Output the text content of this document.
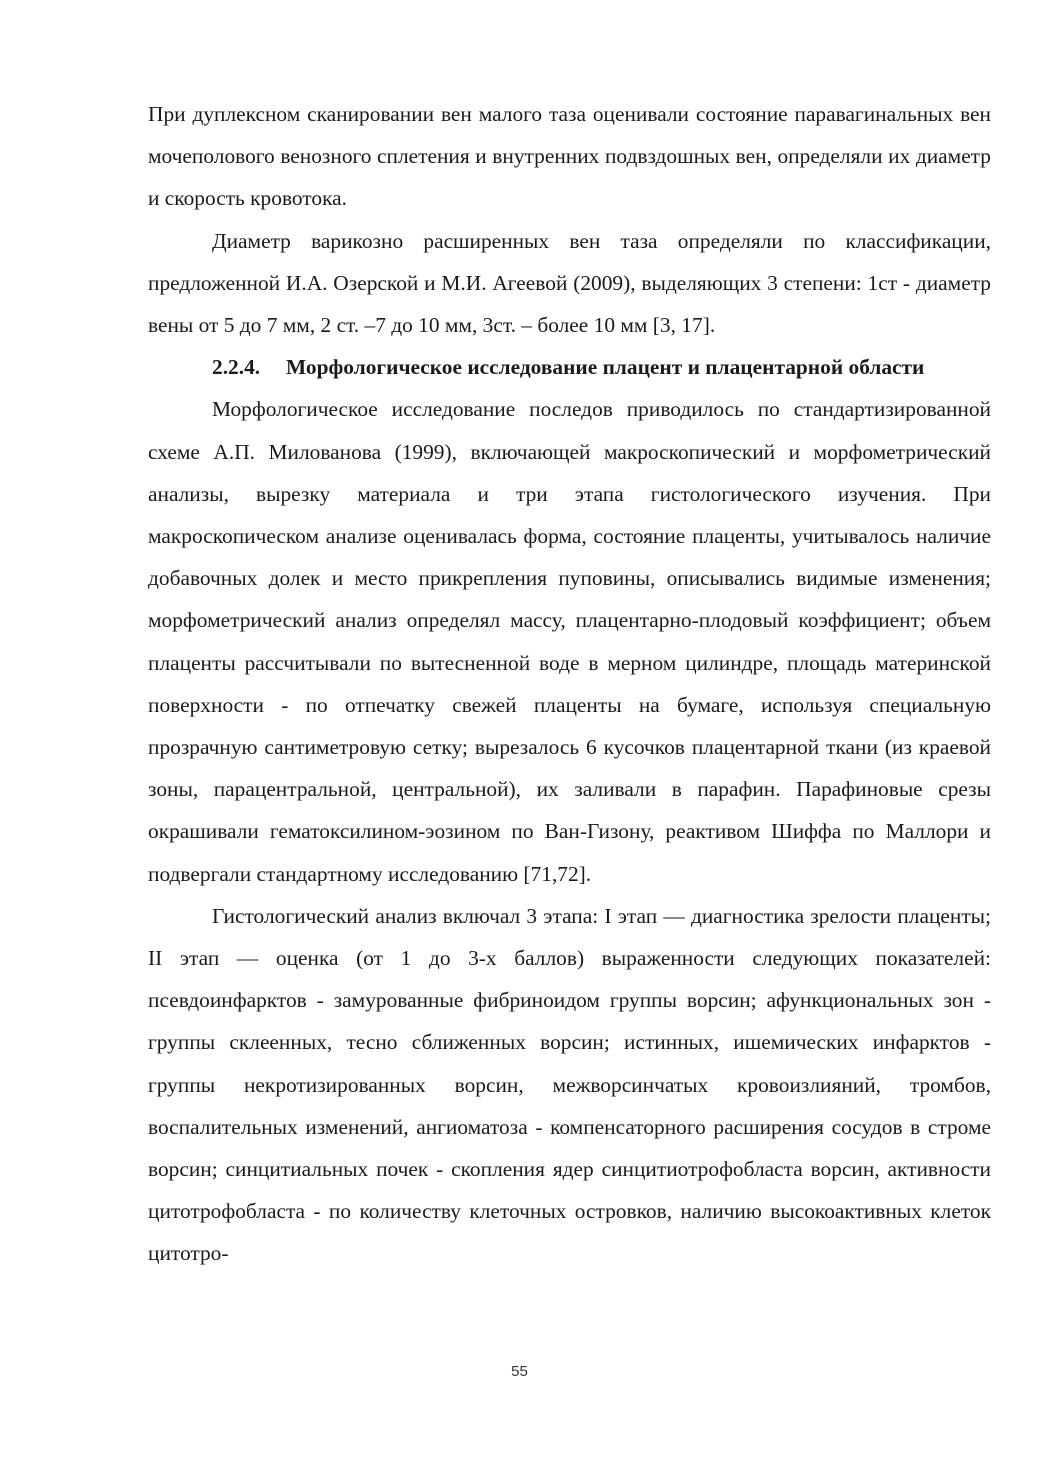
При дуплексном сканировании вен малого таза оценивали состояние паравагинальных вен мочеполового венозного сплетения и внутренних подвздошных вен, определяли их диаметр и скорость кровотока.

Диаметр варикозно расширенных вен таза определяли по классификации, предложенной И.А. Озерской и М.И. Агеевой (2009), выделяющих 3 степени: 1ст - диаметр вены от 5 до 7 мм, 2 ст. –7 до 10 мм, 3ст. – более 10 мм [3, 17].

2.2.4. Морфологическое исследование плацент и плацентарной области

Морфологическое исследование последов приводилось по стандартизированной схеме А.П. Милованова (1999), включающей макроскопический и морфометрический анализы, вырезку материала и три этапа гистологического изучения. При макроскопическом анализе оценивалась форма, состояние плаценты, учитывалось наличие добавочных долек и место прикрепления пуповины, описывались видимые изменения; морфометрический анализ определял массу, плацентарно-плодовый коэффициент; объем плаценты рассчитывали по вытесненной воде в мерном цилиндре, площадь материнской поверхности - по отпечатку свежей плаценты на бумаге, используя специальную прозрачную сантиметровую сетку; вырезалось 6 кусочков плацентарной ткани (из краевой зоны, парацентральной, центральной), их заливали в парафин. Парафиновые срезы окрашивали гематоксилином-эозином по Ван-Гизону, реактивом Шиффа по Маллори и подвергали стандартному исследованию [71,72].

Гистологический анализ включал 3 этапа: I этап — диагностика зрелости плаценты; II этап — оценка (от 1 до 3-х баллов) выраженности следующих показателей: псевдоинфарктов - замурованные фибриноидом группы ворсин; афункциональных зон - группы склеенных, тесно сближенных ворсин; истинных, ишемических инфарктов - группы некротизированных ворсин, межворсинчатых кровоизлияний, тромбов, воспалительных изменений, ангиоматоза - компенсаторного расширения сосудов в строме ворсин; синцитиальных почек - скопления ядер синцитиотрофобласта ворсин, активности цитотрофобласта - по количеству клеточных островков, наличию высокоактивных клеток цитотро-

55
